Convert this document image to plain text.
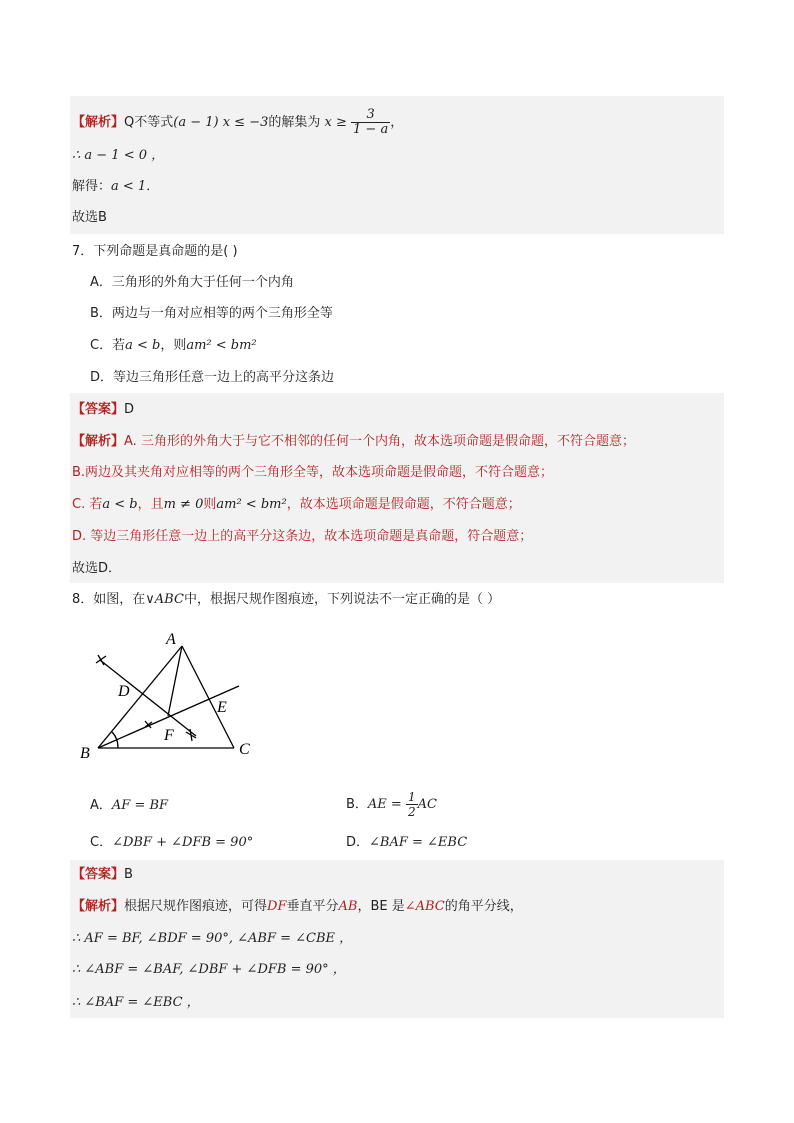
【解析】Q不等式(a − 1) x ≤ −3的解集为 $x \ge \frac{3}{1 - a}$ ，
∴ a − 1 < 0 ，
解得：a < 1．
故选B
7．下列命题是真命题的是( )
A．三角形的外角大于任何一个内角
B．两边与一角对应相等的两个三角形全等
C．若a < b，则am² < bm²
D．等边三角形任意一边上的高平分这条边
【答案】D
【解析】A. 三角形的外角大于与它不相邻的任何一个内角，故本选项命题是假命题，不符合题意；
B.两边及其夹角对应相等的两个三角形全等，故本选项命题是假命题，不符合题意；
C. 若a < b，且m ≠ 0则am² < bm²，故本选项命题是假命题，不符合题意；
D. 等边三角形任意一边上的高平分这条边，故本选项命题是真命题，符合题意；
故选D．
8．如图，在∨ABC中，根据尺规作图痕迹，下列说法不一定正确的是（ ）
A
B	C
D
E
F
A．AF = BF	B．AE = $\frac{1}{2}$ AC
C．∠DBF + ∠DFB = 90°	D．∠BAF = ∠EBC
【答案】B
【解析】根据尺规作图痕迹，可得DF垂直平分AB，BE 是∠ABC的角平分线，
∴ AF = BF, ∠BDF = 90°, ∠ABF = ∠CBE ，
∴ ∠ABF = ∠BAF, ∠DBF + ∠DFB = 90° ，
∴ ∠BAF = ∠EBC ，
